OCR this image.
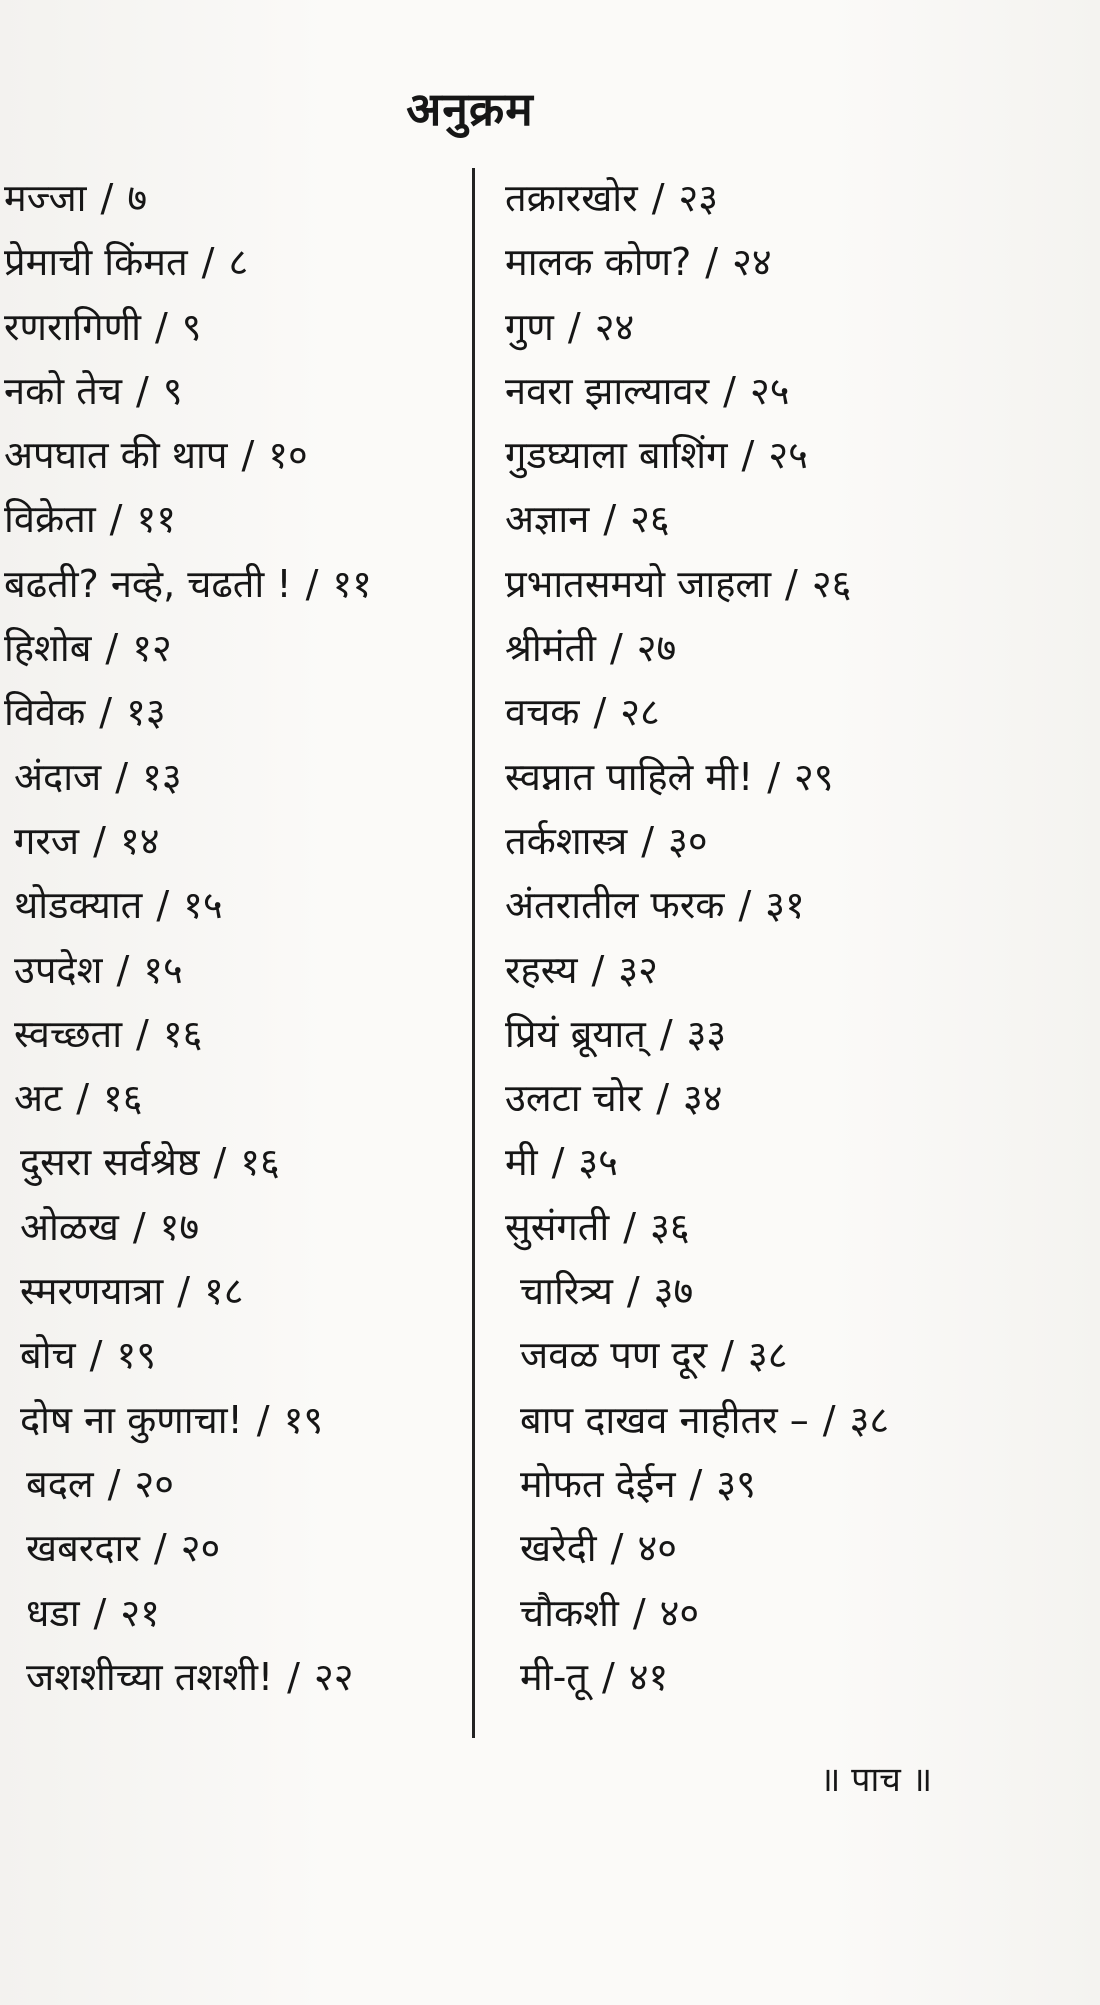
अनुक्रम
मज्जा / ७
प्रेमाची किंमत / ८
रणरागिणी / ९
नको तेच / ९
अपघात की थाप / १०
विक्रेता / ११
बढती? नव्हे, चढती ! / ११
हिशोब / १२
विवेक / १३
अंदाज / १३
गरज / १४
थोडक्यात / १५
उपदेश / १५
स्वच्छता / १६
अट / १६
दुसरा सर्वश्रेष्ठ / १६
ओळख / १७
स्मरणयात्रा / १८
बोच / १९
दोष ना कुणाचा! / १९
बदल / २०
खबरदार / २०
धडा / २१
जशशीच्या तशशी! / २२
तक्रारखोर / २३
मालक कोण? / २४
गुण / २४
नवरा झाल्यावर / २५
गुडघ्याला बाशिंग / २५
अज्ञान / २६
प्रभातसमयो जाहला / २६
श्रीमंती / २७
वचक / २८
स्वप्नात पाहिले मी! / २९
तर्कशास्त्र / ३०
अंतरातील फरक / ३१
रहस्य / ३२
प्रियं ब्रूयात् / ३३
उलटा चोर / ३४
मी / ३५
सुसंगती / ३६
चारित्र्य / ३७
जवळ पण दूर / ३८
बाप दाखव नाहीतर – / ३८
मोफत देईन / ३९
खरेदी / ४०
चौकशी / ४०
मी-तू / ४१
॥ पाच ॥
